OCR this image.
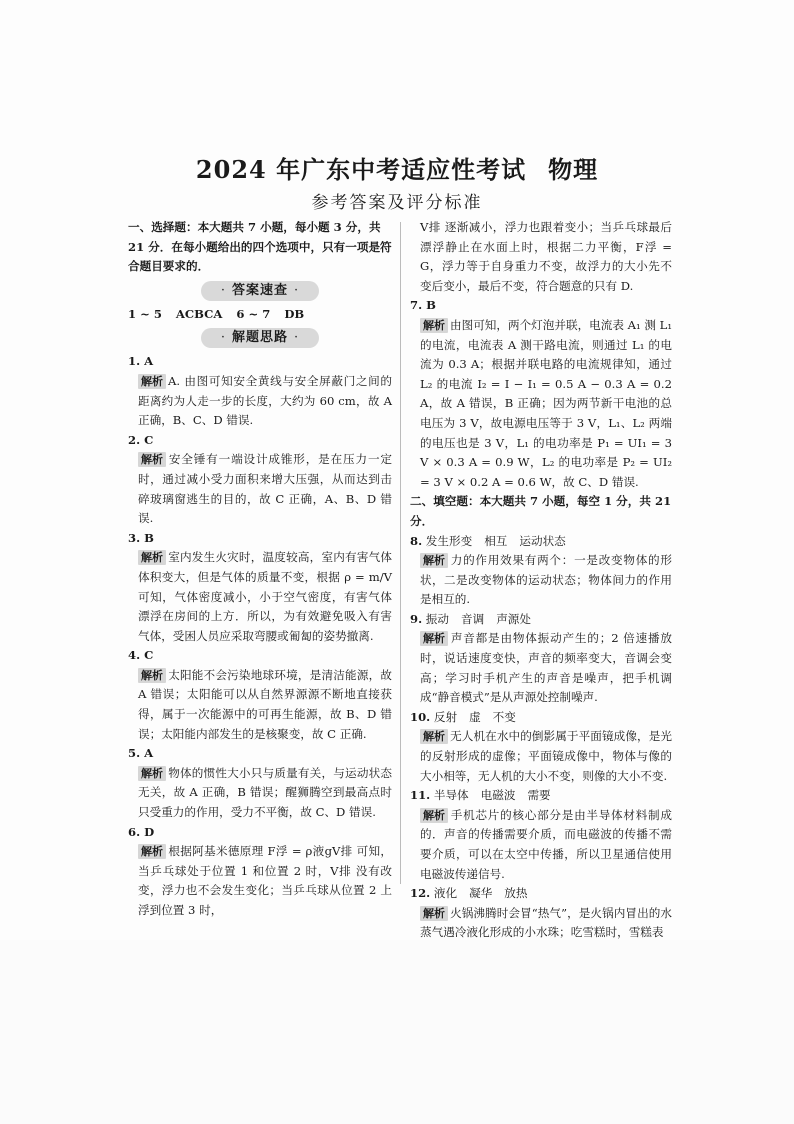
2024 年广东中考适应性考试 物理
参考答案及评分标准

一、选择题：本大题共 7 小题，每小题 3 分，共 21 分．在每小题给出的四个选项中，只有一项是符合题目要求的．

· 答案速查 ·

1 ~ 5 ACBCA 6 ~ 7 DB

· 解题思路 ·

1. A

解析 A. 由图可知安全黄线与安全屏蔽门之间的距离约为人走一步的长度，大约为 60 cm，故 A 正确，B、C、D 错误.

2. C

解析 安全锤有一端设计成锥形，是在压力一定时，通过减小受力面积来增大压强，从而达到击碎玻璃窗逃生的目的，故 C 正确，A、B、D 错误.

3. B

解析 室内发生火灾时，温度较高，室内有害气体体积变大，但是气体的质量不变，根据 ρ = m/V 可知，气体密度减小，小于空气密度，有害气体漂浮在房间的上方．所以，为有效避免吸入有害气体，受困人员应采取弯腰或匍匐的姿势撤离.

4. C

解析 太阳能不会污染地球环境，是清洁能源，故 A 错误；太阳能可以从自然界源源不断地直接获得，属于一次能源中的可再生能源，故 B、D 错误；太阳能内部发生的是核聚变，故 C 正确.

5. A

解析 物体的惯性大小只与质量有关，与运动状态无关，故 A 正确，B 错误；醒狮腾空到最高点时只受重力的作用，受力不平衡，故 C、D 错误.

6. D

解析 根据阿基米德原理 F浮 = ρ液gV排 可知，当乒乓球处于位置 1 和位置 2 时，V排 没有改变，浮力也不会发生变化；当乒乓球从位置 2 上浮到位置 3 时，

V排 逐渐减小，浮力也跟着变小；当乒乓球最后漂浮静止在水面上时，根据二力平衡，F浮 = G，浮力等于自身重力不变，故浮力的大小先不变后变小，最后不变，符合题意的只有 D.

7. B

解析 由图可知，两个灯泡并联，电流表 A₁ 测 L₁ 的电流，电流表 A 测干路电流，则通过 L₁ 的电流为 0.3 A；根据并联电路的电流规律知，通过 L₂ 的电流 I₂ = I − I₁ = 0.5 A − 0.3 A = 0.2 A，故 A 错误，B 正确；因为两节新干电池的总电压为 3 V，故电源电压等于 3 V，L₁、L₂ 两端的电压也是 3 V，L₁ 的电功率是 P₁ = UI₁ = 3 V × 0.3 A = 0.9 W，L₂ 的电功率是 P₂ = UI₂ = 3 V × 0.2 A = 0.6 W，故 C、D 错误.

二、填空题：本大题共 7 小题，每空 1 分，共 21 分．

8. 发生形变 相互 运动状态

解析 力的作用效果有两个：一是改变物体的形状，二是改变物体的运动状态；物体间力的作用是相互的.

9. 振动 音调 声源处

解析 声音都是由物体振动产生的；2 倍速播放时，说话速度变快，声音的频率变大，音调会变高；学习时手机产生的声音是噪声，把手机调成“静音模式”是从声源处控制噪声.

10. 反射 虚 不变

解析 无人机在水中的倒影属于平面镜成像，是光的反射形成的虚像；平面镜成像中，物体与像的大小相等，无人机的大小不变，则像的大小不变.

11. 半导体 电磁波 需要

解析 手机芯片的核心部分是由半导体材料制成的．声音的传播需要介质，而电磁波的传播不需要介质，可以在太空中传播，所以卫星通信使用电磁波传递信号.

12. 液化 凝华 放热

解析 火锅沸腾时会冒“热气”，是火锅内冒出的水蒸气遇冷液化形成的小水珠；吃雪糕时，雪糕表
